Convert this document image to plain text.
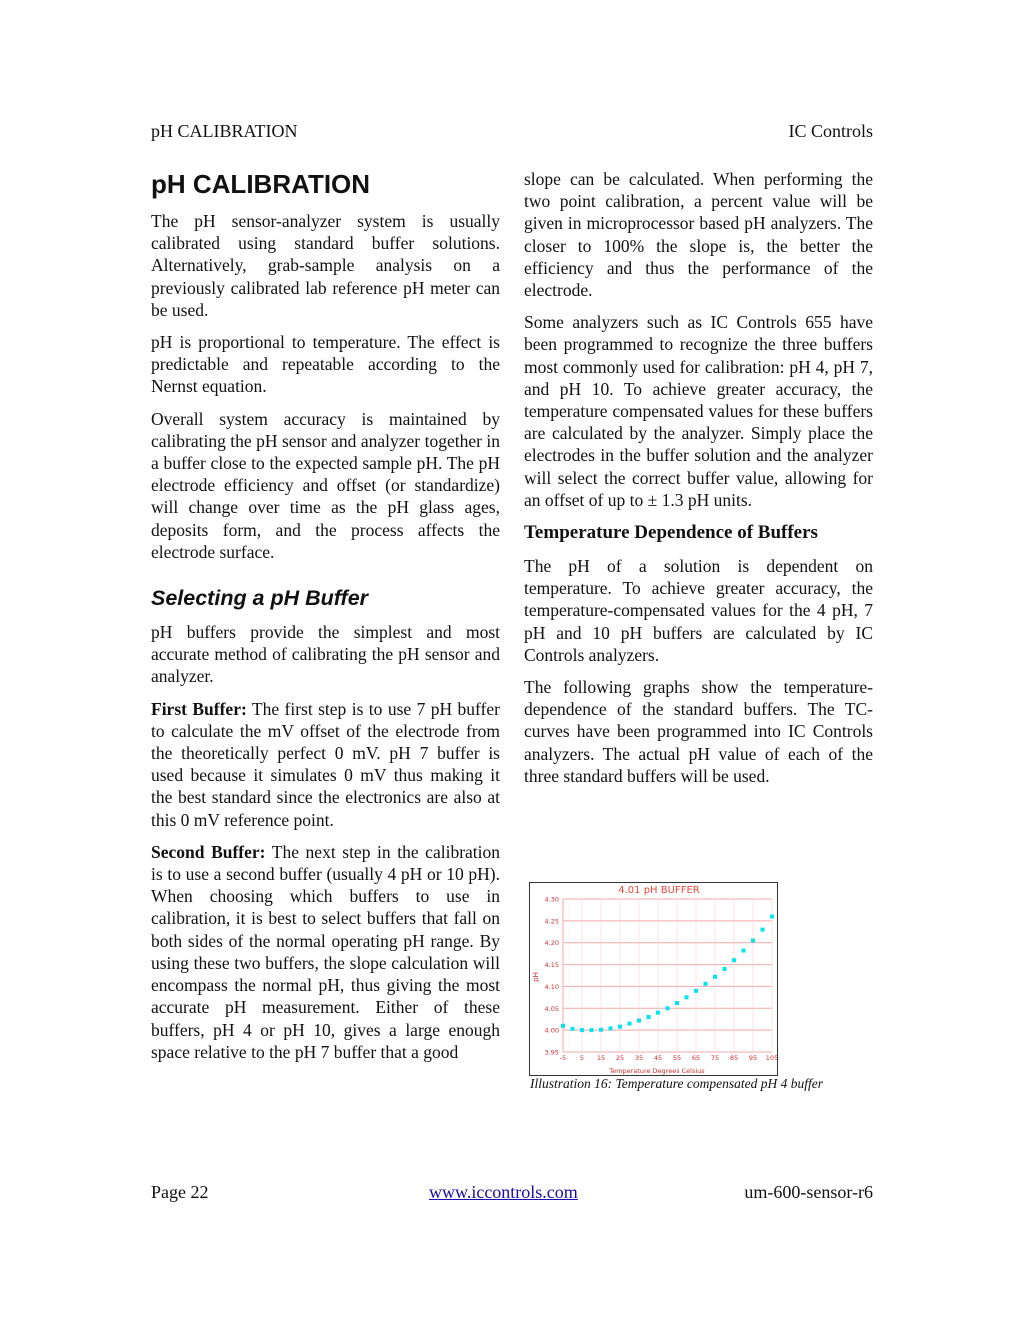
pH CALIBRATION	IC Controls
pH CALIBRATION

The pH sensor-analyzer system is usually calibrated using standard buffer solutions. Alternatively, grab-sample analysis on a previously calibrated lab reference pH meter can be used.

pH is proportional to temperature. The effect is predictable and repeatable according to the Nernst equation.

Overall system accuracy is maintained by calibrating the pH sensor and analyzer together in a buffer close to the expected sample pH. The pH electrode efficiency and offset (or standardize) will change over time as the pH glass ages, deposits form, and the process affects the electrode surface.

Selecting a pH Buffer

pH buffers provide the simplest and most accurate method of calibrating the pH sensor and analyzer.

First Buffer: The first step is to use 7 pH buffer to calculate the mV offset of the electrode from the theoretically perfect 0 mV. pH 7 buffer is used because it simulates 0 mV thus making it the best standard since the electronics are also at this 0 mV reference point.

Second Buffer: The next step in the calibration is to use a second buffer (usually 4 pH or 10 pH). When choosing which buffers to use in calibration, it is best to select buffers that fall on both sides of the normal operating pH range. By using these two buffers, the slope calculation will encompass the normal pH, thus giving the most accurate pH measurement. Either of these buffers, pH 4 or pH 10, gives a large enough space relative to the pH 7 buffer that a good

slope can be calculated. When performing the two point calibration, a percent value will be given in microprocessor based pH analyzers. The closer to 100% the slope is, the better the efficiency and thus the performance of the electrode.

Some analyzers such as IC Controls 655 have been programmed to recognize the three buffers most commonly used for calibration: pH 4, pH 7, and pH 10. To achieve greater accuracy, the temperature compensated values for these buffers are calculated by the analyzer. Simply place the electrodes in the buffer solution and the analyzer will select the correct buffer value, allowing for an offset of up to ± 1.3 pH units.

Temperature Dependence of Buffers

The pH of a solution is dependent on temperature. To achieve greater accuracy, the temperature-compensated values for the 4 pH, 7 pH and 10 pH buffers are calculated by IC Controls analyzers.

The following graphs show the temperature-dependence of the standard buffers. The TC-curves have been programmed into IC Controls analyzers. The actual pH value of each of the three standard buffers will be used.

4.01 pH BUFFER
3.95
4.00
4.05
4.10
4.15
4.20
4.25
4.30
-5 5 15 25 35 45 55 65 75 85 95 105
pH
Temperature Degrees Celsius
Illustration 16: Temperature compensated pH 4 buffer
Page 22	www.iccontrols.com	um-600-sensor-r6
